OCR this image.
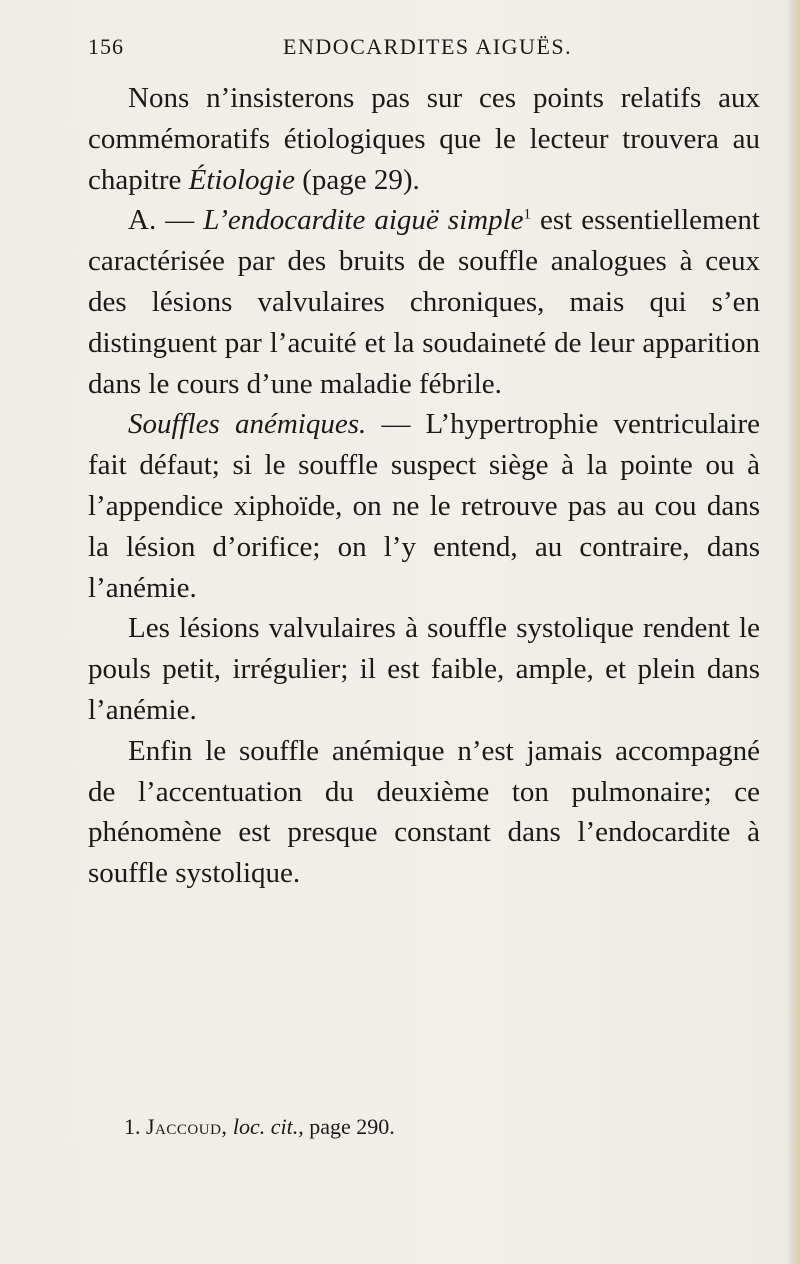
156	ENDOCARDITES AIGUËS.

Nons n’insisterons pas sur ces points relatifs aux commémoratifs étiologiques que le lecteur trouvera au chapitre Étiologie (page 29).

A. — L’endocardite aiguë simple$^1$ est essentiellement caractérisée par des bruits de souffle analogues à ceux des lésions valvulaires chroniques, mais qui s’en distinguent par l’acuité et la soudaineté de leur apparition dans le cours d’une maladie fébrile.

Souffles anémiques. — L’hypertrophie ventriculaire fait défaut; si le souffle suspect siège à la pointe ou à l’appendice xiphoïde, on ne le retrouve pas au cou dans la lésion d’orifice; on l’y entend, au contraire, dans l’anémie.

Les lésions valvulaires à souffle systolique rendent le pouls petit, irrégulier; il est faible, ample, et plein dans l’anémie.

Enfin le souffle anémique n’est jamais accompagné de l’accentuation du deuxième ton pulmonaire; ce phénomène est presque constant dans l’endocardite à souffle systolique.

1. Jaccoud, loc. cit., page 290.
